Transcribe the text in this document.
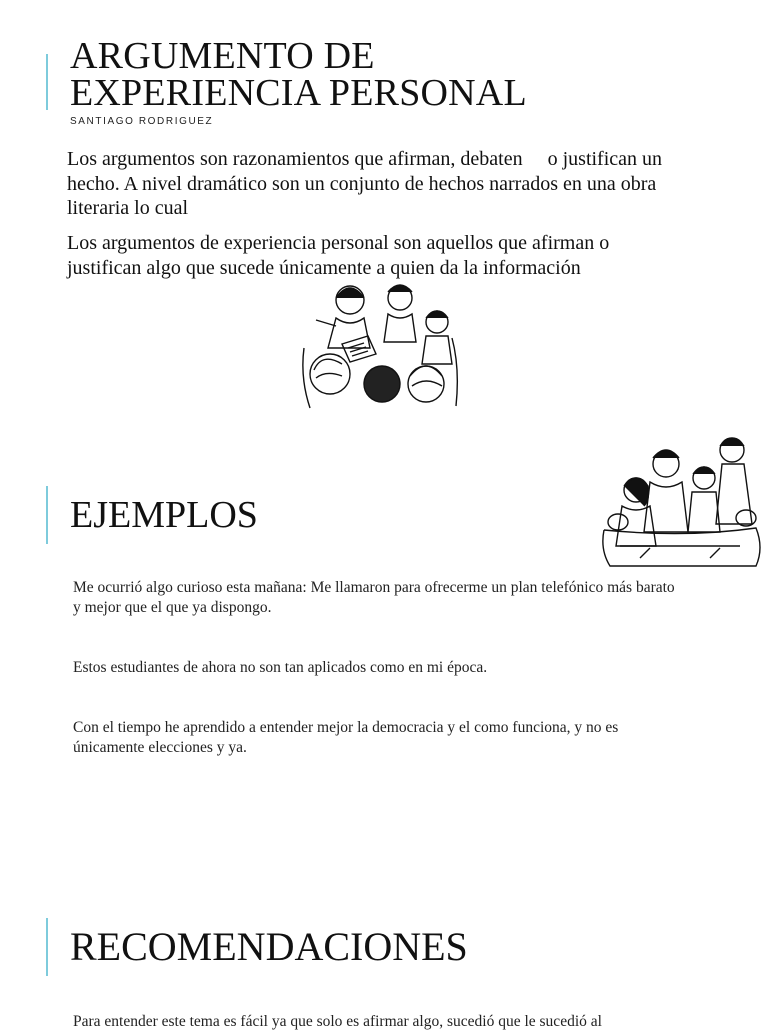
ARGUMENTO DE
EXPERIENCIA PERSONAL
SANTIAGO RODRIGUEZ

Los argumentos son razonamientos que afirman, debaten     o justifican un hecho. A nivel dramático son un conjunto de hechos narrados en una obra literaria lo cual

Los argumentos de experiencia personal son aquellos que afirman o justifican algo que sucede únicamente a quien da la información

EJEMPLOS

Me ocurrió algo curioso esta mañana: Me llamaron para ofrecerme un plan telefónico más barato y mejor que el que ya dispongo.

Estos estudiantes de ahora no son tan aplicados como en mi época.

Con el tiempo he aprendido a entender mejor la democracia y el como funciona, y no es únicamente elecciones y ya.

RECOMENDACIONES

Para entender este tema es fácil ya que solo es afirmar algo, sucedió que le sucedió al
